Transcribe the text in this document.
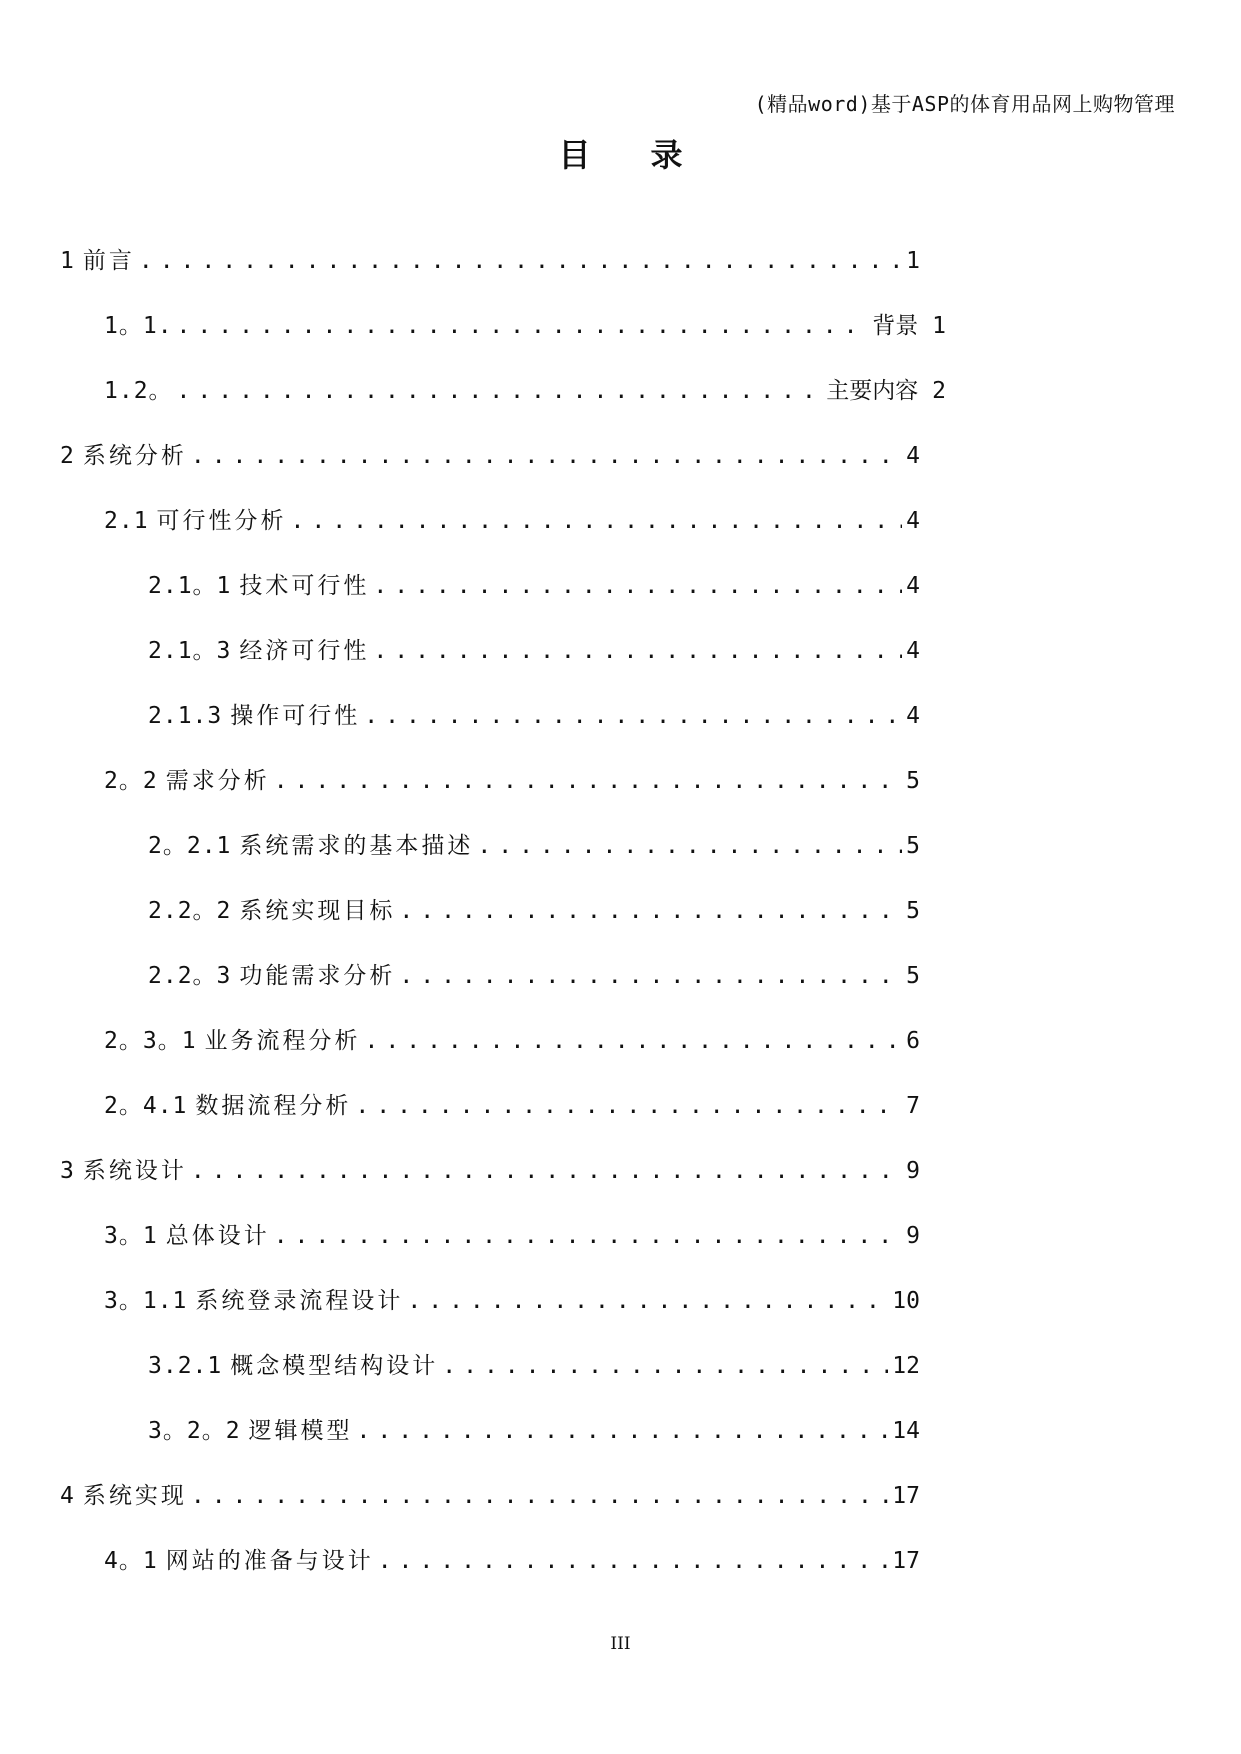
(精品word)基于ASP的体育用品网上购物管理
目录
1 前言 .....	1
1。1. .....	背景 1
1.2。 .....	主要内容 2
2 系统分析 .....	4
2.1 可行性分析 .....	4
2.1。1 技术可行性 .....	4
2.1。3 经济可行性 .....	4
2.1.3 操作可行性 .....	4
2。2 需求分析 .....	5
2。2.1 系统需求的基本描述 .....	5
2.2。2 系统实现目标 .....	5
2.2。3 功能需求分析 .....	5
2。3。1 业务流程分析 .....	6
2。4.1 数据流程分析 .....	7
3 系统设计 .....	9
3。1 总体设计 .....	9
3。1.1 系统登录流程设计 .....	10
3.2.1 概念模型结构设计 .....	12
3。2。2 逻辑模型 .....	14
4 系统实现 .....	17
4。1 网站的准备与设计 .....	17
III
